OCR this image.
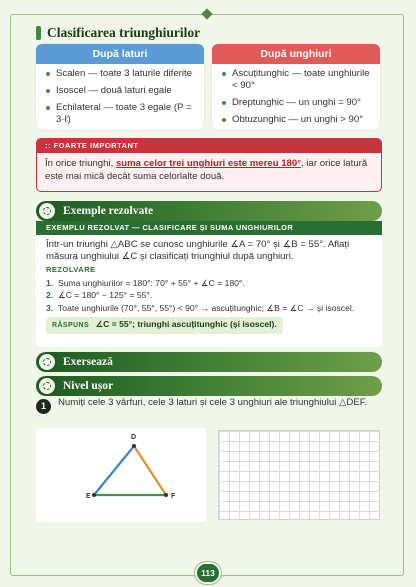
Clasificarea triunghiurilor
După laturi
Scalen — toate 3 laturile diferite
Isoscel — două laturi egale
Echilateral — toate 3 egale (P = 3·ℓ)
După unghiuri
Ascuțitunghic — toate unghiurile < 90°
Dreptunghic — un unghi = 90°
Obtuzunghic — un unghi > 90°
:: FOARTE IMPORTANT
În orice triunghi, suma celor trei unghiuri este mereu 180°, iar orice latură este mai mică decât suma celorlalte două.
Exemple rezolvate
EXEMPLU REZOLVAT — CLASIFICARE ȘI SUMA UNGHIURILOR
Într-un triunghi △ABC se cunosc unghiurile ∡A = 70° și ∡B = 55°. Aflați măsura unghiului ∡C și clasificați triunghiul după unghiuri.
REZOLVARE
1. Suma unghiurilor = 180°: 70° + 55° + ∡C = 180°.
2. ∡C = 180° − 125° = 55°.
3. Toate unghiurile (70°, 55°, 55°) < 90° → ascuțitunghic; ∡B = ∡C → și isoscel.
RĂSPUNS ∡C = 55°; triunghi ascuțitunghic (și isoscel).
Exersează
Nivel ușor
1	Numiți cele 3 vârfuri, cele 3 laturi și cele 3 unghiuri ale triunghiului △DEF.
D
E	F
113
